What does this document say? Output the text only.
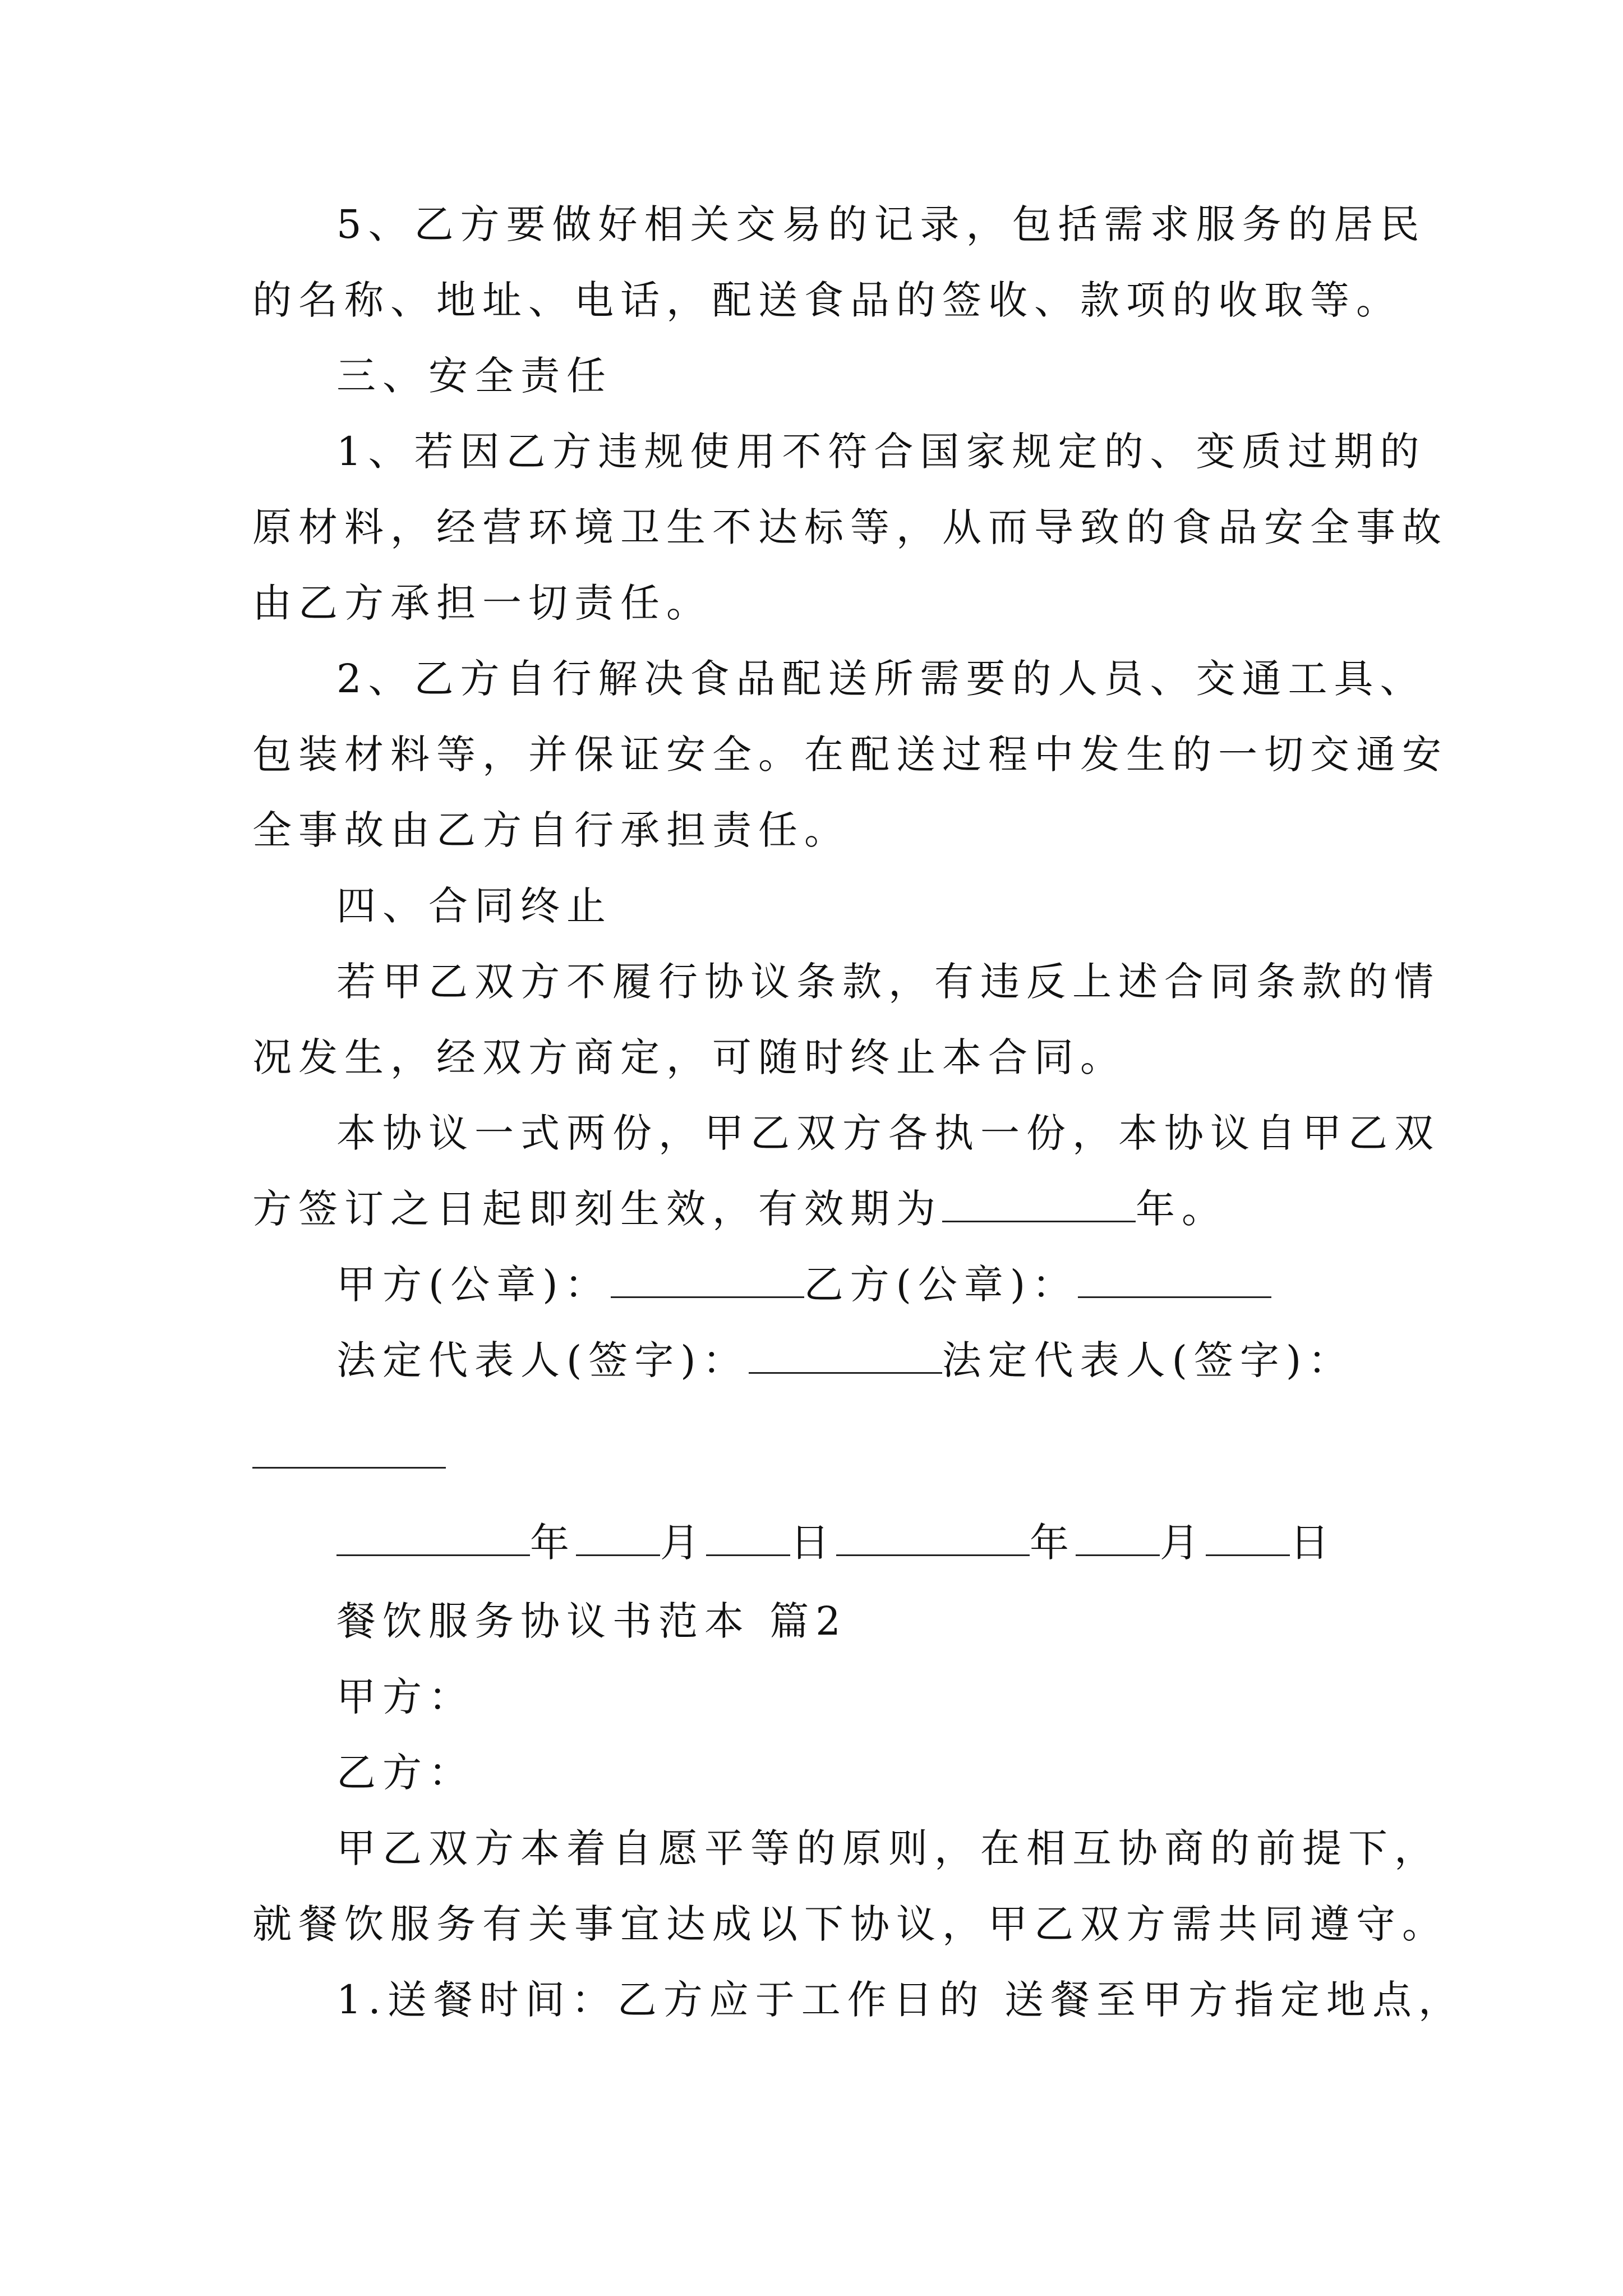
5、乙方要做好相关交易的记录，包括需求服务的居民
的名称、地址、电话，配送食品的签收、款项的收取等。
三、安全责任
1、若因乙方违规使用不符合国家规定的、变质过期的
原材料，经营环境卫生不达标等，从而导致的食品安全事故
由乙方承担一切责任。
2、乙方自行解决食品配送所需要的人员、交通工具、
包装材料等，并保证安全。在配送过程中发生的一切交通安
全事故由乙方自行承担责任。
四、合同终止
若甲乙双方不履行协议条款，有违反上述合同条款的情
况发生，经双方商定，可随时终止本合同。
本协议一式两份，甲乙双方各执一份，本协议自甲乙双
方签订之日起即刻生效，有效期为	年。
甲方(公章)：	乙方(公章)：
法定代表人(签字)：	法定代表人(签字)：
年 月 日	年 月 日
餐饮服务协议书范本 篇2
甲方：
乙方：
甲乙双方本着自愿平等的原则，在相互协商的前提下，
就餐饮服务有关事宜达成以下协议，甲乙双方需共同遵守。
1.送餐时间：乙方应于工作日的 送餐至甲方指定地点，
